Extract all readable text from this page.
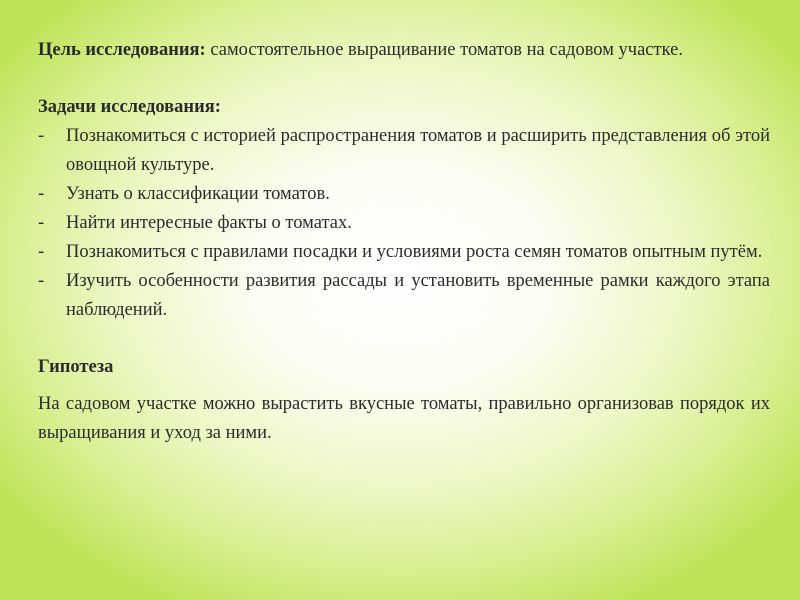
Цель исследования: самостоятельное выращивание томатов на садовом участке.

Задачи исследования:

-	Познакомиться с историей распространения томатов и расширить представления об этой овощной культуре.
-	Узнать о классификации томатов.
-	Найти интересные факты о томатах.
-	Познакомиться с правилами посадки и условиями роста семян томатов опытным путём.
-	Изучить особенности развития рассады и установить временные рамки каждого этапа наблюдений.

Гипотеза

На садовом участке можно вырастить вкусные томаты, правильно организовав порядок их выращивания и уход за ними.
